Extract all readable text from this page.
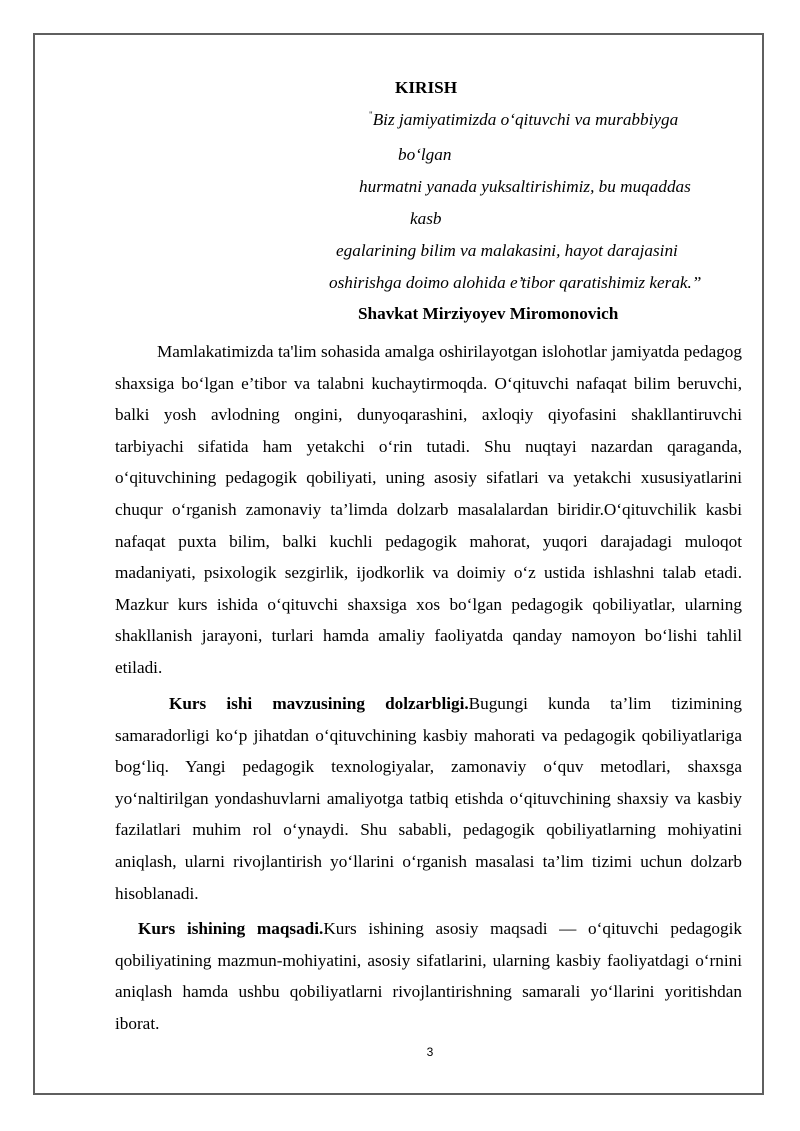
KIRISH
"Biz jamiyatimizda o‘qituvchi va murabbiyga
bo‘lgan
hurmatni yanada yuksaltirishimiz, bu muqaddas
kasb
egalarining bilim va malakasini, hayot darajasini
oshirishga doimo alohida e’tibor qaratishimiz kerak.”
Shavkat Mirziyoyev Miromonovich
Mamlakatimizda ta'lim sohasida amalga oshirilayotgan islohotlar jamiyatda pedagog shaxsiga bo‘lgan e’tibor va talabni kuchaytirmoqda. O‘qituvchi nafaqat bilim beruvchi, balki yosh avlodning ongini, dunyoqarashini, axloqiy qiyofasini shakllantiruvchi tarbiyachi sifatida ham yetakchi o‘rin tutadi. Shu nuqtayi nazardan qaraganda, o‘qituvchining pedagogik qobiliyati, uning asosiy sifatlari va yetakchi xususiyatlarini chuqur o‘rganish zamonaviy ta’limda dolzarb masalalardan biridir.O‘qituvchilik kasbi nafaqat puxta bilim, balki kuchli pedagogik mahorat, yuqori darajadagi muloqot madaniyati, psixologik sezgirlik, ijodkorlik va doimiy o‘z ustida ishlashni talab etadi. Mazkur kurs ishida o‘qituvchi shaxsiga xos bo‘lgan pedagogik qobiliyatlar, ularning shakllanish jarayoni, turlari hamda amaliy faoliyatda qanday namoyon bo‘lishi tahlil etiladi.
Kurs ishi mavzusining dolzarbligi.Bugungi kunda ta’lim tizimining samaradorligi ko‘p jihatdan o‘qituvchining kasbiy mahorati va pedagogik qobiliyatlariga bog‘liq. Yangi pedagogik texnologiyalar, zamonaviy o‘quv metodlari, shaxsga yo‘naltirilgan yondashuvlarni amaliyotga tatbiq etishda o‘qituvchining shaxsiy va kasbiy fazilatlari muhim rol o‘ynaydi. Shu sababli, pedagogik qobiliyatlarning mohiyatini aniqlash, ularni rivojlantirish yo‘llarini o‘rganish masalasi ta’lim tizimi uchun dolzarb hisoblanadi.
Kurs ishining maqsadi.Kurs ishining asosiy maqsadi — o‘qituvchi pedagogik qobiliyatining mazmun-mohiyatini, asosiy sifatlarini, ularning kasbiy faoliyatdagi o‘rnini aniqlash hamda ushbu qobiliyatlarni rivojlantirishning samarali yo‘llarini yoritishdan iborat.
3
